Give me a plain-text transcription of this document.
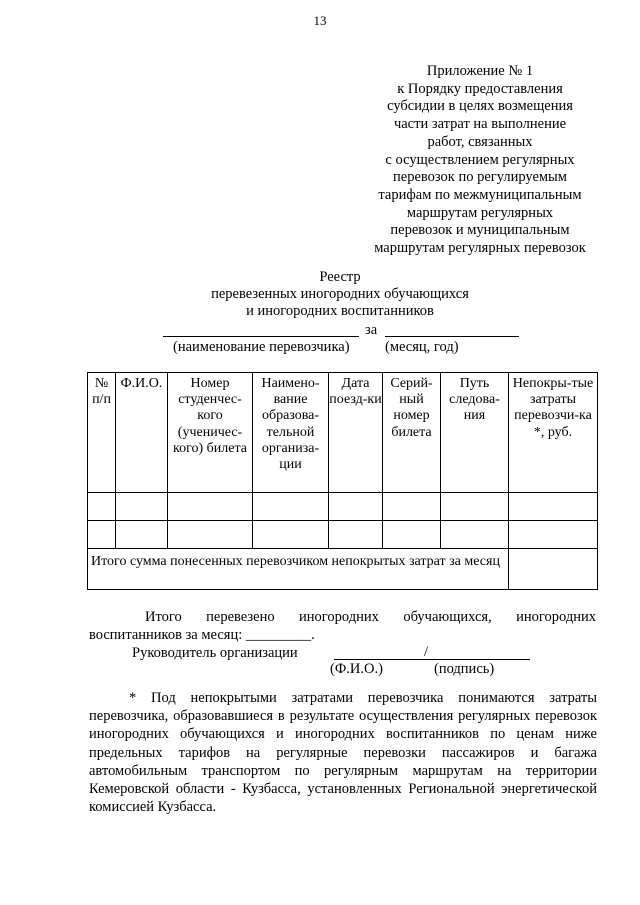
13
Приложение № 1
к Порядку предоставления
субсидии в целях возмещения
части затрат на выполнение
работ, связанных
с осуществлением регулярных
перевозок по регулируемым
тарифам по межмуниципальным
маршрутам регулярных
перевозок и муниципальным
маршрутам регулярных перевозок
Реестр
перевезенных иногородних обучающихся
и иногородних воспитанников
за
(наименование перевозчика) (месяц, год)
№ п/п	Ф.И.О.	Номер студенчес-кого (ученичес-кого) билета	Наимено-вание образова-тельной организа-ции	Дата поезд-ки	Серий-ный номер билета	Путь следова-ния	Непокры-тые затраты перевозчи-ка *, руб.

Итого сумма понесенных перевозчиком непокрытых затрат за месяц							
Итого перевезено иногородних обучающихся, иногородних
воспитанников за месяц: _________.
Руководитель организации	/
(Ф.И.О.)	(подпись)
* Под непокрытыми затратами перевозчика понимаются затраты перевозчика, образовавшиеся в результате осуществления регулярных перевозок иногородних обучающихся и иногородних воспитанников по ценам ниже предельных тарифов на регулярные перевозки пассажиров и багажа автомобильным транспортом по регулярным маршрутам на территории Кемеровской области - Кузбасса, установленных Региональной энергетической комиссией Кузбасса.
